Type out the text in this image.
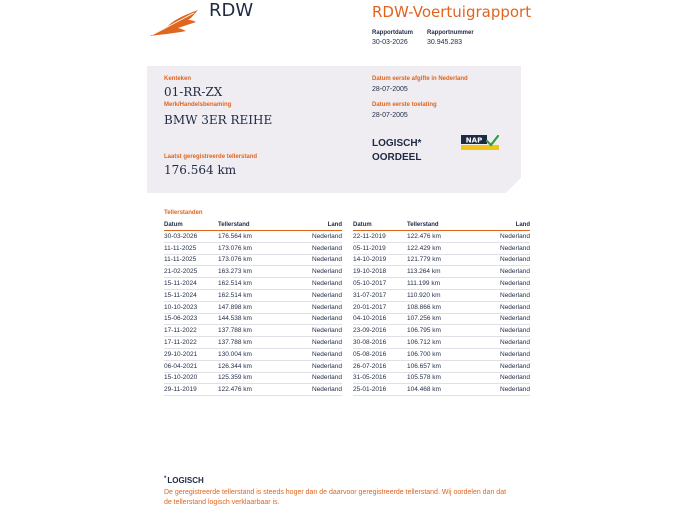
RDW	RDW-Voertuigrapport
Rapportdatum
30-03-2026
Rapportnummer
30.945.283
Kenteken
01-RR-ZX
Merk/Handelsbenaming
BMW 3ER REIHE
Laatst geregistreerde tellerstand
176.564 km
Datum eerste afgifte in Nederland
28-07-2005
Datum eerste toelating
28-07-2005
LOGISCH*
OORDEEL
NAP
Tellerstanden
Datum	Tellerstand	Land
30-03-2026	176.564 km	Nederland
11-11-2025	173.076 km	Nederland
11-11-2025	173.076 km	Nederland
21-02-2025	163.273 km	Nederland
15-11-2024	162.514 km	Nederland
15-11-2024	162.514 km	Nederland
10-10-2023	147.898 km	Nederland
15-06-2023	144.538 km	Nederland
17-11-2022	137.788 km	Nederland
17-11-2022	137.788 km	Nederland
29-10-2021	130.004 km	Nederland
06-04-2021	126.344 km	Nederland
15-10-2020	125.359 km	Nederland
29-11-2019	122.476 km	Nederland
Datum	Tellerstand	Land
22-11-2019	122.476 km	Nederland
05-11-2019	122.429 km	Nederland
14-10-2019	121.779 km	Nederland
19-10-2018	113.264 km	Nederland
05-10-2017	111.199 km	Nederland
31-07-2017	110.920 km	Nederland
20-01-2017	108.866 km	Nederland
04-10-2016	107.256 km	Nederland
23-09-2016	106.795 km	Nederland
30-08-2016	106.712 km	Nederland
05-08-2016	106.700 km	Nederland
26-07-2016	106.657 km	Nederland
31-05-2016	105.578 km	Nederland
25-01-2016	104.468 km	Nederland
*LOGISCH
De geregistreerde tellerstand is steeds hoger dan de daarvoor geregistreerde tellerstand. Wij oordelen dan dat de tellerstand logisch verklaarbaar is.
